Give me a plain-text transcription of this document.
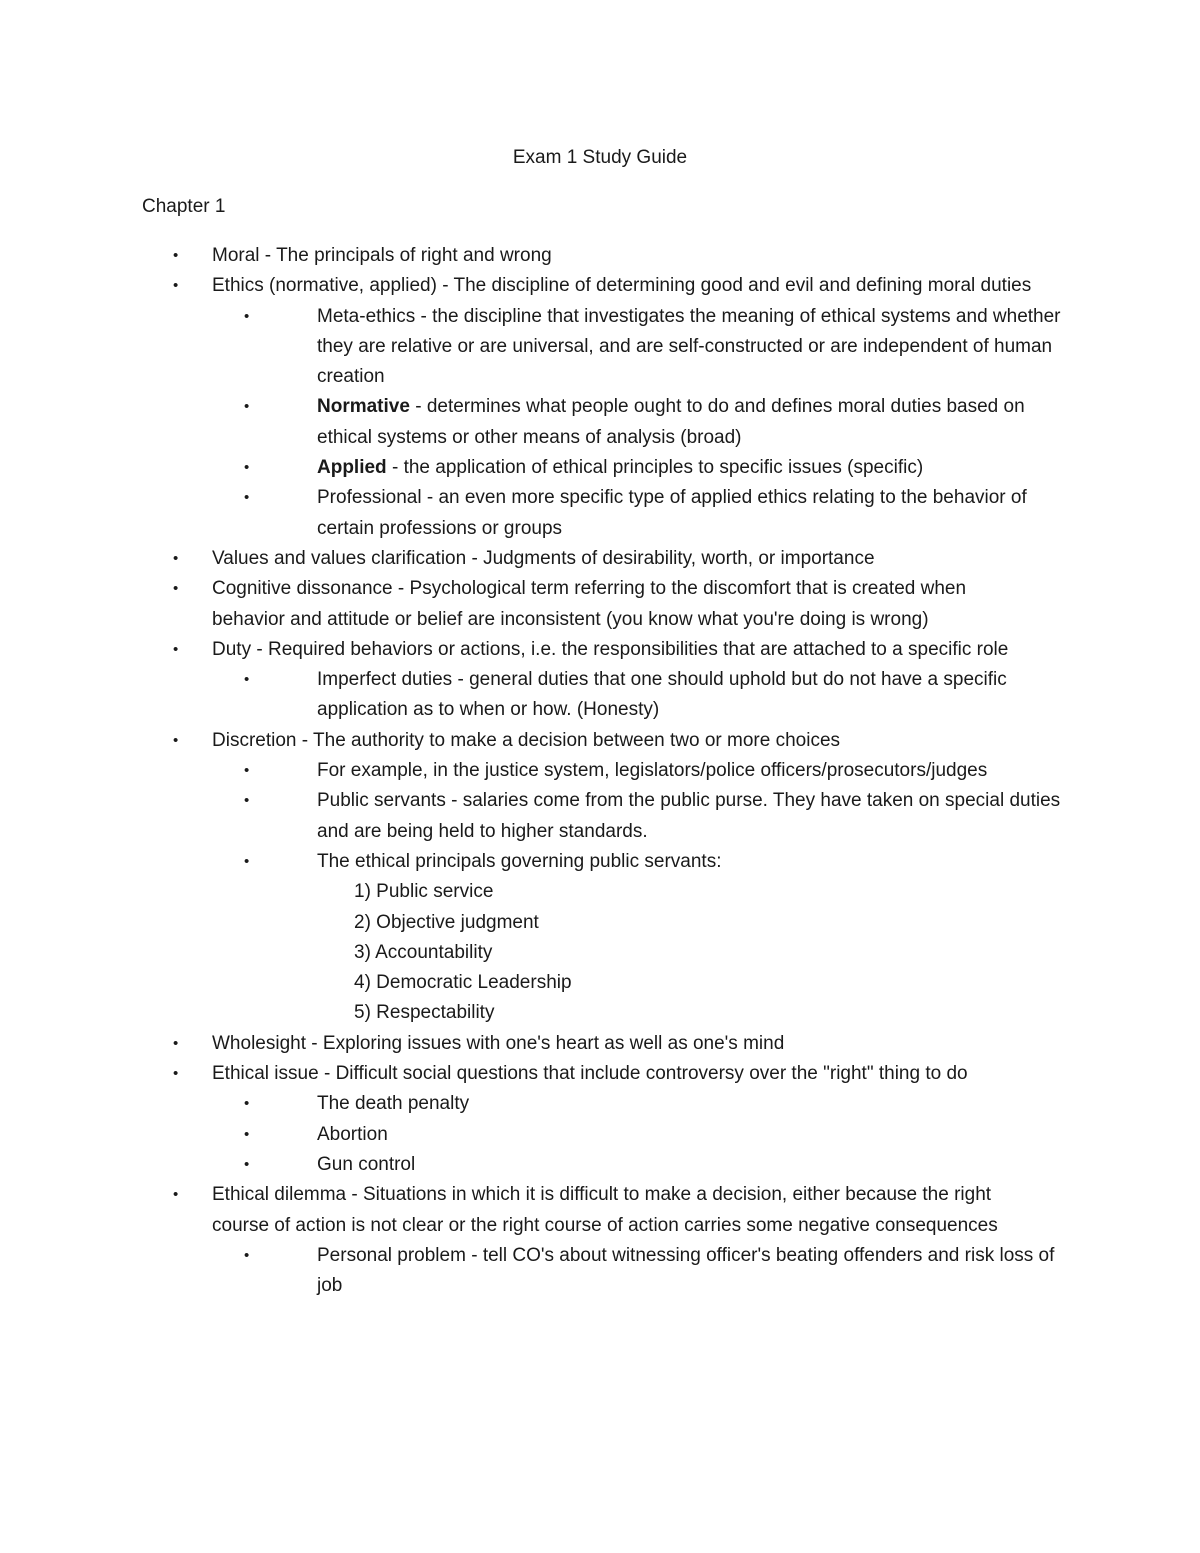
Exam 1 Study Guide
Chapter 1
• Moral - The principals of right and wrong
• Ethics (normative, applied) - The discipline of determining good and evil and defining moral duties
•	Meta-ethics - the discipline that investigates the meaning of ethical systems and whether they are relative or are universal, and are self-constructed or are independent of human creation
•	Normative - determines what people ought to do and defines moral duties based on ethical systems or other means of analysis (broad)
•	Applied - the application of ethical principles to specific issues (specific)
•	Professional - an even more specific type of applied ethics relating to the behavior of certain professions or groups
• Values and values clarification - Judgments of desirability, worth, or importance
• Cognitive dissonance - Psychological term referring to the discomfort that is created when behavior and attitude or belief are inconsistent (you know what you're doing is wrong)
• Duty - Required behaviors or actions, i.e. the responsibilities that are attached to a specific role
•	Imperfect duties - general duties that one should uphold but do not have a specific application as to when or how. (Honesty)
• Discretion - The authority to make a decision between two or more choices
•	For example, in the justice system, legislators/police officers/prosecutors/judges
•	Public servants - salaries come from the public purse. They have taken on special duties and are being held to higher standards.
•	The ethical principals governing public servants:
1) Public service
2) Objective judgment
3) Accountability
4) Democratic Leadership
5) Respectability
• Wholesight - Exploring issues with one's heart as well as one's mind
• Ethical issue - Difficult social questions that include controversy over the "right" thing to do
•	The death penalty
•	Abortion
•	Gun control
• Ethical dilemma - Situations in which it is difficult to make a decision, either because the right course of action is not clear or the right course of action carries some negative consequences
•	Personal problem - tell CO's about witnessing officer's beating offenders and risk loss of job
